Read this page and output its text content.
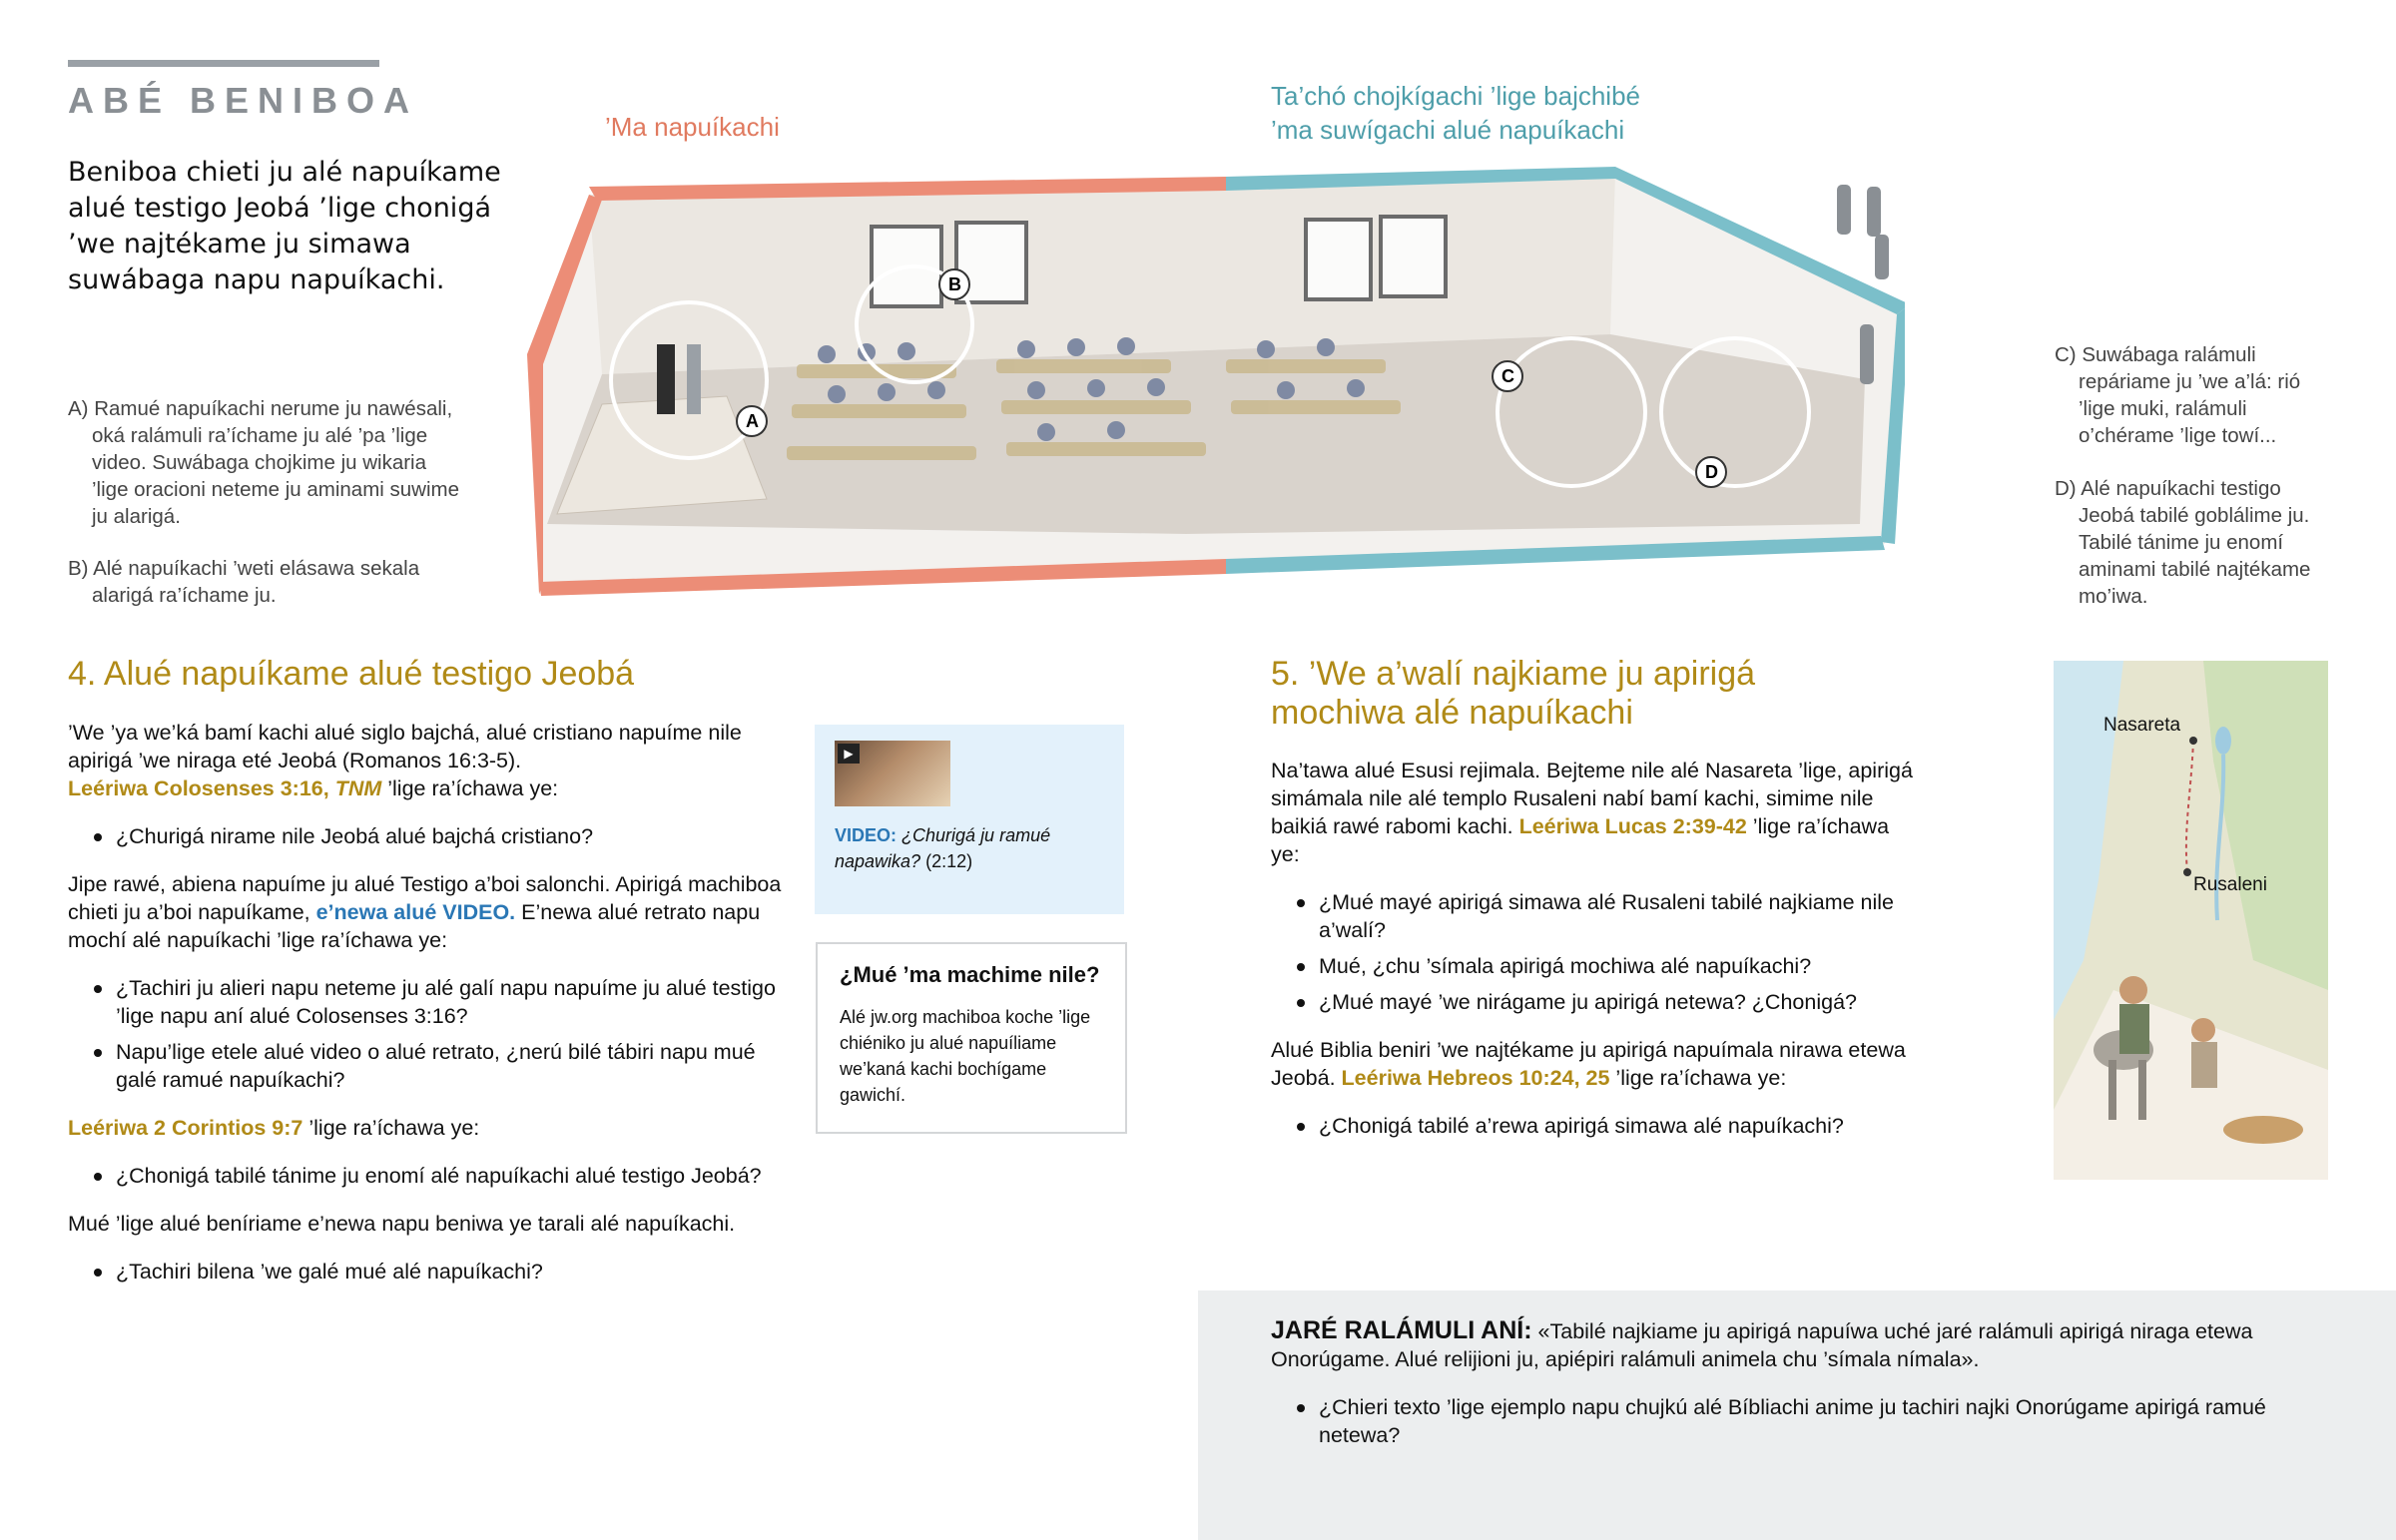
ABÉ BENIBOA
Beniboa chieti ju alé napuíkame alué testigo Jeobá ’lige chonigá ’we najtékame ju simawa suwábaga napu napuíkachi.
A) Ramué napuíkachi nerume ju nawésali, oká ralámuli ra’íchame ju alé ’pa ’lige video. Suwábaga chojkime ju wikaria ’lige oracioni neteme ju aminami suwime ju alarigá.
B) Alé napuíkachi ’weti elásawa sekala alarigá ra’íchame ju.
C) Suwábaga ralámuli repáriame ju ’we a’lá: rió ’lige muki, ralámuli o’chérame ’lige towí...
D) Alé napuíkachi testigo Jeobá tabilé goblálime ju. Tabilé tánime ju enomí aminami tabilé najtékame mo’iwa.
’Ma napuíkachi
Ta’chó chojkígachi ’lige bajchibé
’ma suwígachi alué napuíkachi
A
B
C
D
4. Alué napuíkame alué testigo Jeobá

’We ’ya we’ká bamí kachi alué siglo bajchá, alué cristiano napuíme nile apirigá ’we niraga eté Jeobá (Romanos 16:3-5).
Leériwa Colosenses 3:16, TNM ’lige ra’íchawa ye:

¿Churigá nirame nile Jeobá alué bajchá cristiano?

Jipe rawé, abiena napuíme ju alué Testigo a’boi salonchi. Apirigá machiboa chieti ju a’boi napuíkame, e’newa alué VIDEO. E’newa alué retrato napu mochí alé napuíkachi ’lige ra’íchawa ye:

¿Tachiri ju alieri napu neteme ju alé galí napu napuíme ju alué testigo ’lige napu aní alué Colosenses 3:16?
Napu’lige etele alué video o alué retrato, ¿nerú bilé tábiri napu mué galé ramué napuíkachi?

Leériwa 2 Corintios 9:7 ’lige ra’íchawa ye:

¿Chonigá tabilé tánime ju enomí alé napuíkachi alué testigo Jeobá?

Mué ’lige alué beníriame e’newa napu beniwa ye tarali alé napuíkachi.

¿Tachiri bilena ’we galé mué alé napuíkachi?
▶
VIDEO: ¿Churigá ju ramué napawika? (2:12)
¿Mué ’ma machime nile?
Alé jw.org machiboa koche ’lige chiéniko ju alué napuíliame we’kaná kachi bochígame gawichí.
5. ’We a’walí najkiame ju apirigá
mochiwa alé napuíkachi

Na’tawa alué Esusi rejimala. Bejteme nile alé Nasareta ’lige, apirigá simámala nile alé templo Rusaleni nabí bamí kachi, simime nile baikiá rawé rabomi kachi. Leériwa Lucas 2:39-42 ’lige ra’íchawa ye:

¿Mué mayé apirigá simawa alé Rusaleni tabilé najkiame nile a’walí?
Mué, ¿chu ’símala apirigá mochiwa alé napuíkachi?
¿Mué mayé ’we nirágame ju apirigá netewa? ¿Chonigá?

Alué Biblia beniri ’we najtékame ju apirigá napuímala nirawa etewa Jeobá. Leériwa Hebreos 10:24, 25 ’lige ra’íchawa ye:

¿Chonigá tabilé a’rewa apirigá simawa alé napuíkachi?
Nasareta
Rusaleni

JARÉ RALÁMULI ANÍ: «Tabilé najkiame ju apirigá napuíwa uché jaré ralámuli apirigá niraga etewa Onorúgame. Alué relijioni ju, apiépiri ralámuli animela chu ’símala nímala».

¿Chieri texto ’lige ejemplo napu chujkú alé Bíbliachi anime ju tachiri najki Onorúgame apirigá ramué netewa?
